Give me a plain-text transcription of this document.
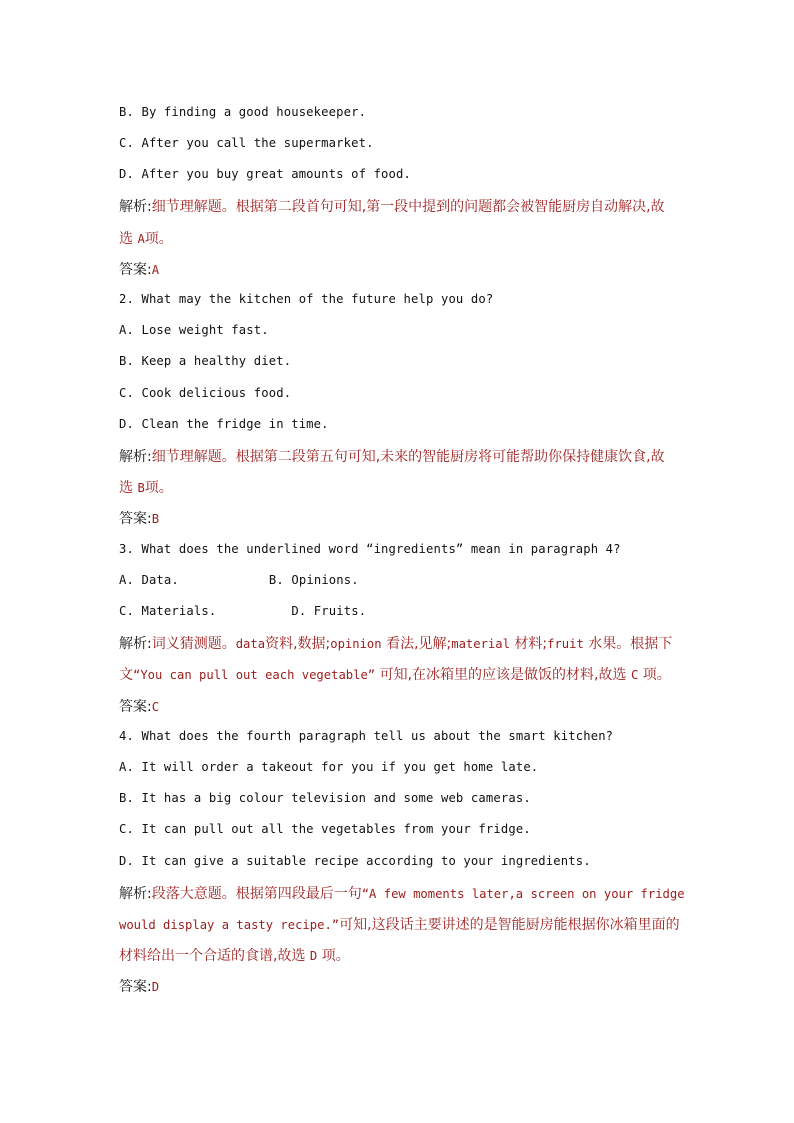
B. By finding a good housekeeper.
C. After you call the supermarket.
D. After you buy great amounts of food.
解析:细节理解题。根据第二段首句可知,第一段中提到的问题都会被智能厨房自动解决,故
选 A项。
答案:A
2. What may the kitchen of the future help you do?
A. Lose weight fast.
B. Keep a healthy diet.
C. Cook delicious food.
D. Clean the fridge in time.
解析:细节理解题。根据第二段第五句可知,未来的智能厨房将可能帮助你保持健康饮食,故
选 B项。
答案:B
3. What does the underlined word “ingredients” mean in paragraph 4?
A. Data.	B. Opinions.
C. Materials.	D. Fruits.
解析:词义猜测题。data资料,数据;opinion 看法,见解;material 材料;fruit 水果。根据下
文“You can pull out each vegetable” 可知,在冰箱里的应该是做饭的材料,故选 C 项。
答案:C
4. What does the fourth paragraph tell us about the smart kitchen?
A. It will order a takeout for you if you get home late.
B. It has a big colour television and some web cameras.
C. It can pull out all the vegetables from your fridge.
D. It can give a suitable recipe according to your ingredients.
解析:段落大意题。根据第四段最后一句“A few moments later,a screen on your fridge
would display a tasty recipe.”可知,这段话主要讲述的是智能厨房能根据你冰箱里面的
材料给出一个合适的食谱,故选 D 项。
答案:D
